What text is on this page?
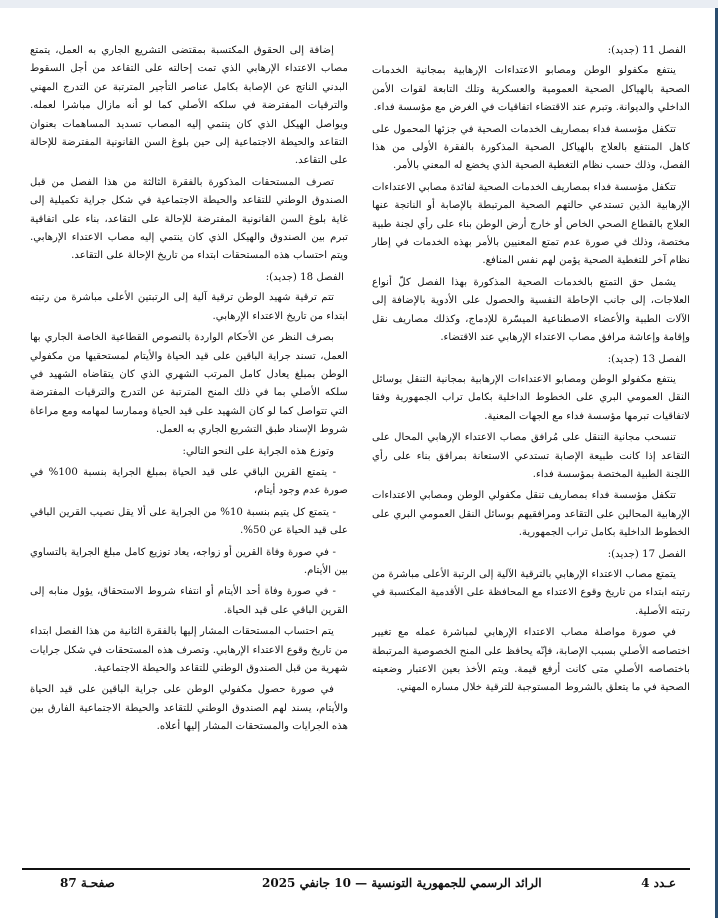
الفصل 11 (جديد):

ينتفع مكفولو الوطن ومصابو الاعتداءات الإرهابية بمجانية الخدمات الصحية بالهياكل الصحية العمومية والعسكرية وتلك التابعة لقوات الأمن الداخلي والديوانة. وتبرم عند الاقتضاء اتفاقيات في الغرض مع مؤسسة فداء.

تتكفل مؤسسة فداء بمصاريف الخدمات الصحية في جزئها المحمول على كاهل المنتفع بالعلاج بالهياكل الصحية المذكورة بالفقرة الأولى من هذا الفصل، وذلك حسب نظام التغطية الصحية الذي يخضع له المعني بالأمر.

تتكفل مؤسسة فداء بمصاريف الخدمات الصحية لفائدة مصابي الاعتداءات الإرهابية الذين تستدعي حالتهم الصحية المرتبطة بالإصابة أو الناتجة عنها العلاج بالقطاع الصحي الخاص أو خارج أرض الوطن بناء على رأي لجنة طبية مختصة، وذلك في صورة عدم تمتع المعنيين بالأمر بهذه الخدمات في إطار نظام آخر للتغطية الصحية يؤمن لهم نفس المنافع.

يشمل حق التمتع بالخدمات الصحية المذكورة بهذا الفصل كلّ أنواع العلاجات، إلى جانب الإحاطة النفسية والحصول على الأدوية بالإضافة إلى الآلات الطبية والأعضاء الاصطناعية الميسّرة للإدماج، وكذلك مصاريف نقل وإقامة وإعاشة مرافق مصاب الاعتداء الإرهابي عند الاقتضاء.

الفصل 13 (جديد):

ينتفع مكفولو الوطن ومصابو الاعتداءات الإرهابية بمجانية التنقل بوسائل النقل العمومي البري على الخطوط الداخلية بكامل تراب الجمهورية وفقا لاتفاقيات تبرمها مؤسسة فداء مع الجهات المعنية.

تنسحب مجانية التنقل على مُرافق مصاب الاعتداء الإرهابي المحال على التقاعد إذا كانت طبيعة الإصابة تستدعي الاستعانة بمرافق بناء على رأي اللجنة الطبية المختصة بمؤسسة فداء.

تتكفل مؤسسة فداء بمصاريف تنقل مكفولي الوطن ومصابي الاعتداءات الإرهابية المحالين على التقاعد ومرافقيهم بوسائل النقل العمومي البري على الخطوط الداخلية بكامل تراب الجمهورية.

الفصل 17 (جديد):

يتمتع مصاب الاعتداء الإرهابي بالترقية الآلية إلى الرتبة الأعلى مباشرة من رتبته ابتداء من تاريخ وقوع الاعتداء مع المحافظة على الأقدمية المكتسبة في رتبته الأصلية.

في صورة مواصلة مصاب الاعتداء الإرهابي لمباشرة عمله مع تغيير اختصاصه الأصلي بسبب الإصابة، فإنّه يحافظ على المنح الخصوصية المرتبطة باختصاصه الأصلي متى كانت أرفع قيمة. ويتم الأخذ بعين الاعتبار وضعيته الصحية في ما يتعلق بالشروط المستوجبة للترقية خلال مساره المهني.

إضافة إلى الحقوق المكتسبة بمقتضى التشريع الجاري به العمل، يتمتع مصاب الاعتداء الإرهابي الذي تمت إحالته على التقاعد من أجل السقوط البدني الناتج عن الإصابة بكامل عناصر التأجير المترتبة عن التدرج المهني والترقيات المفترضة في سلكه الأصلي كما لو أنه مازال مباشرا لعمله. ويواصل الهيكل الذي كان ينتمي إليه المصاب تسديد المساهمات بعنوان التقاعد والحيطة الاجتماعية إلى حين بلوغ السن القانونية المفترضة للإحالة على التقاعد.

تصرف المستحقات المذكورة بالفقرة الثالثة من هذا الفصل من قبل الصندوق الوطني للتقاعد والحيطة الاجتماعية في شكل جراية تكميلية إلى غاية بلوغ السن القانونية المفترضة للإحالة على التقاعد، بناء على اتفاقية تبرم بين الصندوق والهيكل الذي كان ينتمي إليه مصاب الاعتداء الإرهابي. ويتم احتساب هذه المستحقات ابتداء من تاريخ الإحالة على التقاعد.

الفصل 18 (جديد):

تتم ترقية شهيد الوطن ترقية آلية إلى الرتبتين الأعلى مباشرة من رتبته ابتداء من تاريخ الاعتداء الإرهابي.

بصرف النظر عن الأحكام الواردة بالنصوص القطاعية الخاصة الجاري بها العمل، تسند جراية الباقين على قيد الحياة والأيتام لمستحقيها من مكفولي الوطن بمبلغ يعادل كامل المرتب الشهري الذي كان يتقاضاه الشهيد في سلكه الأصلي بما في ذلك المنح المترتبة عن التدرج والترقيات المفترضة التي تتواصل كما لو كان الشهيد على قيد الحياة وممارسا لمهامه ومع مراعاة شروط الإسناد طبق التشريع الجاري به العمل.

وتوزع هذه الجراية على النحو التالي:

- يتمتع القرين الباقي على قيد الحياة بمبلغ الجراية بنسبة 100% في صورة عدم وجود أيتام،

- يتمتع كل يتيم بنسبة 10% من الجراية على ألا يقل نصيب القرين الباقي على قيد الحياة عن 50%.

- في صورة وفاة القرين أو زواجه، يعاد توزيع كامل مبلغ الجراية بالتساوي بين الأيتام.

- في صورة وفاة أحد الأيتام أو انتفاء شروط الاستحقاق، يؤول منابه إلى القرين الباقي على قيد الحياة.

يتم احتساب المستحقات المشار إليها بالفقرة الثانية من هذا الفصل ابتداء من تاريخ وقوع الاعتداء الإرهابي. وتصرف هذه المستحقات في شكل جرايات شهرية من قبل الصندوق الوطني للتقاعد والحيطة الاجتماعية.

في صورة حصول مكفولي الوطن على جراية الباقين على قيد الحياة والأيتام، يسند لهم الصندوق الوطني للتقاعد والحيطة الاجتماعية الفارق بين هذه الجرايات والمستحقات المشار إليها أعلاه.

عـدد 4
الرائد الرسمي للجمهورية التونسية — 10 جانفي 2025
صفحـة 87
